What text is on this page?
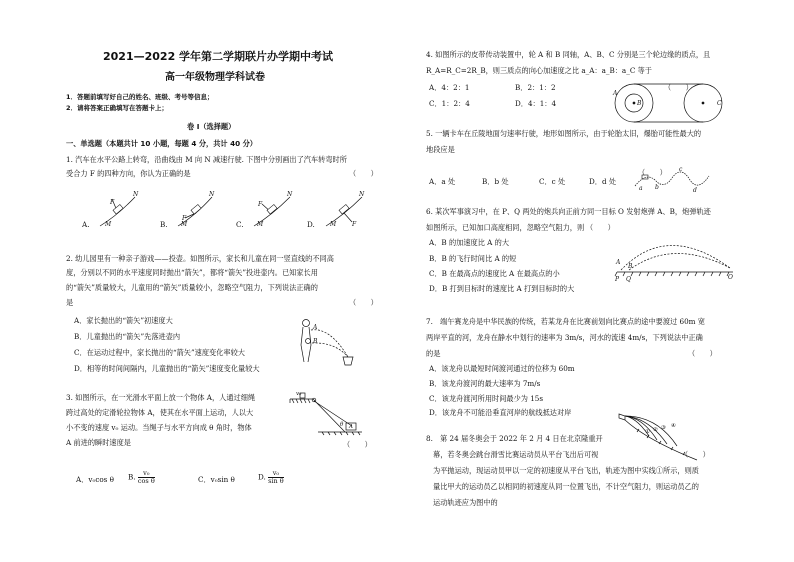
2021—2022 学年第二学期联片办学期中考试
高一年级物理学科试卷
1．答题前填写好自己的姓名、班级、考号等信息；
2．请将答案正确填写在答题卡上；
卷 I（选择题）
一、单选题（本题共计 10 小题，每题 4 分，共计 40 分）
1. 汽车在水平公路上转弯，沿曲线由 M 向 N 减速行驶. 下图中分别画出了汽车转弯时所
受合力 F 的四种方向，你认为正确的是	（　　）
A.	B.	C.	D.
M
N
F
M
N
F
M
N
F
M
N
F
2. 幼儿园里有一种亲子游戏——投壶。如图所示，家长和儿童在同一竖直线的不同高
度，分别以不同的水平速度同时抛出“箭矢”，都将“箭矢”投进壶内。已知家长用
的“箭矢”质量较大，儿童用的“箭矢”质量较小，忽略空气阻力，下列说法正确的
是	（　　）
A．家长抛出的“箭矢”初速度大
B．儿童抛出的“箭矢”先落进壶内
C．在运动过程中，家长抛出的“箭矢”速度变化率较大
D．相等的时间间隔内，儿童抛出的“箭矢”速度变化量较大
A
B
3. 如图所示，在一光滑水平面上放一个物体 A，人通过细绳
跨过高处的定滑轮拉物体 A，使其在水平面上运动，人以大
小不变的速度 v₀ 运动。当绳子与水平方向成 θ 角时，物体
A 前进的瞬时速度是	（　　）
v₀
θ A
A．v₀cos θ B. $\frac{\text{v₀}}{\text{cos θ}}$	C．v₀sin θ	D. $\frac{\text{v₀}}{\text{sin θ}}$
4. 如图所示的皮带传动装置中，轮 A 和 B 同轴，A、B、C 分别是三个轮边缘的质点，且
R_A=R_C=2R_B，则三质点的向心加速度之比 a_A：a_B：a_C 等于
（　　）
A．4：2：1	B．2：1：2
C．1：2：4	D．4：1：4
A
B	C
5. 一辆卡车在丘陵地面匀速率行驶，地形如图所示，由于轮胎太旧，爆胎可能性最大的
地段应是
（　　）
A．a 处	B．b 处	C．c 处	D．d 处
a b
c
d
6. 某次军事演习中，在 P、Q 两处的炮兵向正前方同一目标 O 发射炮弹 A、B，炮弹轨迹
如图所示，已知加口高度相同，忽略空气阻力，则 （　　）
A．B 的加速度比 A 的大
B．B 的飞行时间比 A 的短
C．B 在最高点的速度比 A 在最高点的小
D．B 打到目标时的速度比 A 打到目标时的大
A
B
P Q	O
7.　端午赛龙舟是中华民族的传统，若某龙舟在比赛前划向比赛点的途中要渡过 60m 宽
两岸平直的河，龙舟在静水中划行的速率为 3m/s，河水的流速 4m/s，下列说法中正确
的是	（　　）
A．该龙舟以最短时间渡河通过的位移为 60m
B．该龙舟渡河的最大速率为 7m/s
C．该龙舟渡河所用时间最少为 15s
D．该龙舟不可能沿垂直河岸的航线抵达对岸
8.　第 24 届冬奥会于 2022 年 2 月 4 日在北京隆重开
幕，若冬奥会跳台滑雪比赛运动员从平台飞出后可视
为平抛运动，现运动员甲以一定的初速度从平台飞出，轨迹为图中实线①所示，则质
量比甲大的运动员乙以相同的初速度从同一位置飞出，不计空气阻力，则运动员乙的
运动轨迹应为图中的
（　　）
① ② ③ ④
